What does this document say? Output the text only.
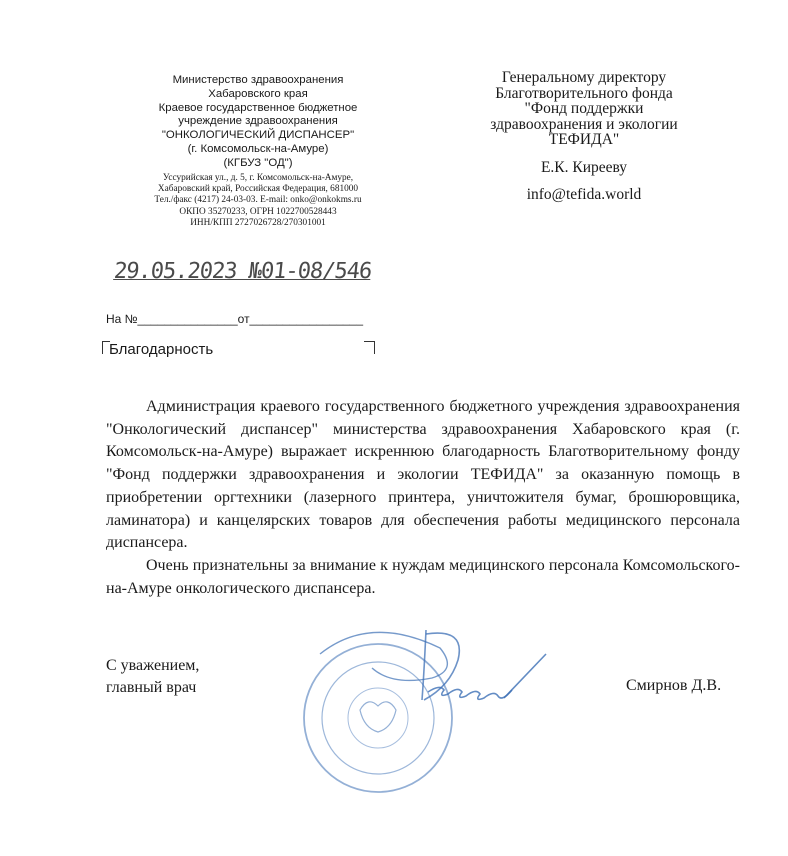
Министерство здравоохранения
Хабаровского края
Краевое государственное бюджетное
учреждение здравоохранения
"ОНКОЛОГИЧЕСКИЙ ДИСПАНСЕР"
(г. Комсомольск-на-Амуре)
(КГБУЗ "ОД")
Уссурийская ул., д. 5, г. Комсомольск-на-Амуре,
Хабаровский край, Российская Федерация, 681000
Тел./факс (4217) 24-03-03. E-mail: onko@onkokms.ru
ОКПО 35270233, ОГРН 1022700528443
ИНН/КПП 2727026728/270301001
29.05.2023 №01-08/546
На №_______________от_________________
Генеральному директору
Благотворительного фонда
"Фонд поддержки
здравоохранения и экологии
ТЕФИДА"
Е.К. Кирееву
info@tefida.world
Благодарность

Администрация краевого государственного бюджетного учреждения здравоохранения "Онкологический диспансер" министерства здравоохранения Хабаровского края (г. Комсомольск-на-Амуре) выражает искреннюю благодарность Благотворительному фонду "Фонд поддержки здравоохранения и экологии ТЕФИДА" за оказанную помощь в приобретении оргтехники (лазерного принтера, уничтожителя бумаг, брошюровщика, ламинатора) и канцелярских товаров для обеспечения работы медицинского персонала диспансера.

Очень признательны за внимание к нуждам медицинского персонала Комсомольского-на-Амуре онкологического диспансера.

С уважением,
главный врач	Смирнов Д.В.
